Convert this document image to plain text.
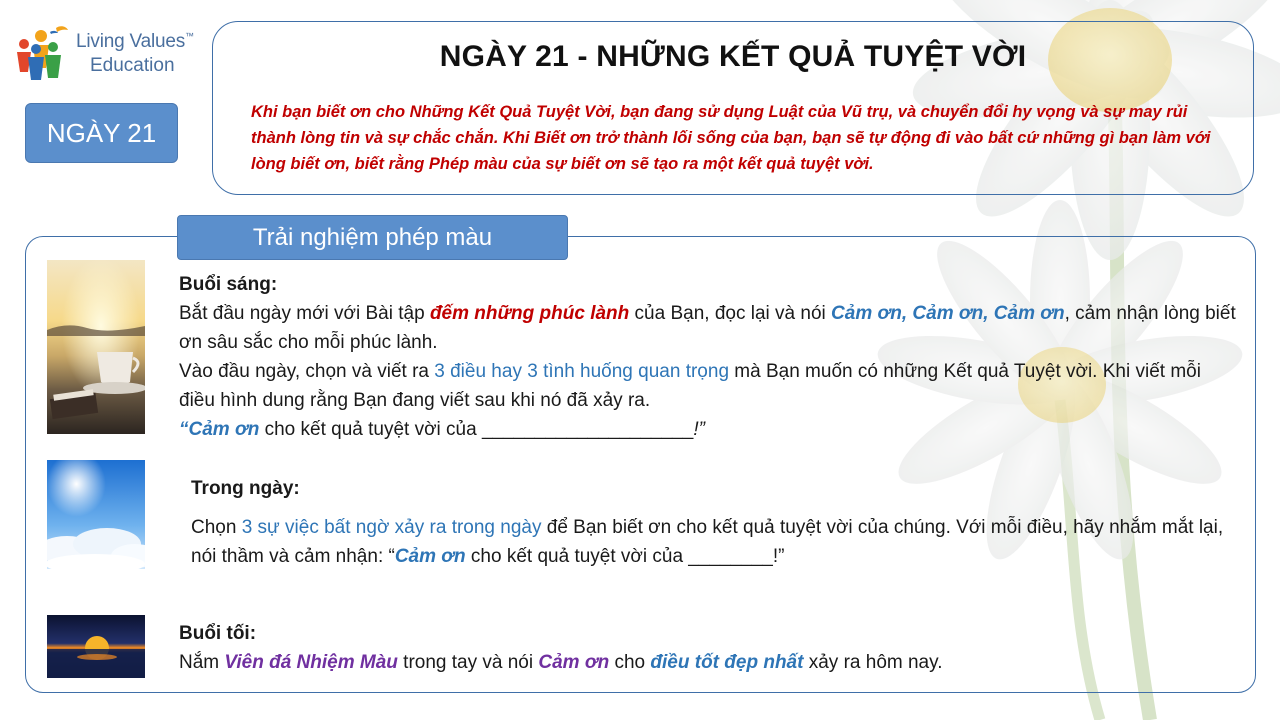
Living Values™
Education
NGÀY 21
NGÀY 21 - NHỮNG KẾT QUẢ TUYỆT VỜI
Khi bạn biết ơn cho Những Kết Quả Tuyệt Vời, bạn đang sử dụng Luật của Vũ trụ, và chuyển đổi hy vọng và sự may rủi thành lòng tin và sự chắc chắn. Khi Biết ơn trở thành lối sống của bạn, bạn sẽ tự động đi vào bất cứ những gì bạn làm với lòng biết ơn, biết rằng Phép màu của sự biết ơn sẽ tạo ra một kết quả tuyệt vời.
Trải nghiệm phép màu
Buổi sáng:
Bắt đầu ngày mới với Bài tập đếm những phúc lành của Bạn, đọc lại và nói Cảm ơn, Cảm ơn, Cảm ơn, cảm nhận lòng biết ơn sâu sắc cho mỗi phúc lành.
Vào đầu ngày, chọn và viết ra 3 điều hay 3 tình huống quan trọng mà Bạn muốn có những Kết quả Tuyệt vời. Khi viết mỗi điều hình dung rằng Bạn đang viết sau khi nó đã xảy ra.
“Cảm ơn cho kết quả tuyệt vời của ____________________!”
Trong ngày:
Chọn 3 sự việc bất ngờ xảy ra trong ngày để Bạn biết ơn cho kết quả tuyệt vời của chúng. Với mỗi điều, hãy nhắm mắt lại, nói thầm và cảm nhận: “Cảm ơn cho kết quả tuyệt vời của ________!”
Buổi tối:
Nắm Viên đá Nhiệm Màu trong tay và nói Cảm ơn cho điều tốt đẹp nhất xảy ra hôm nay.
